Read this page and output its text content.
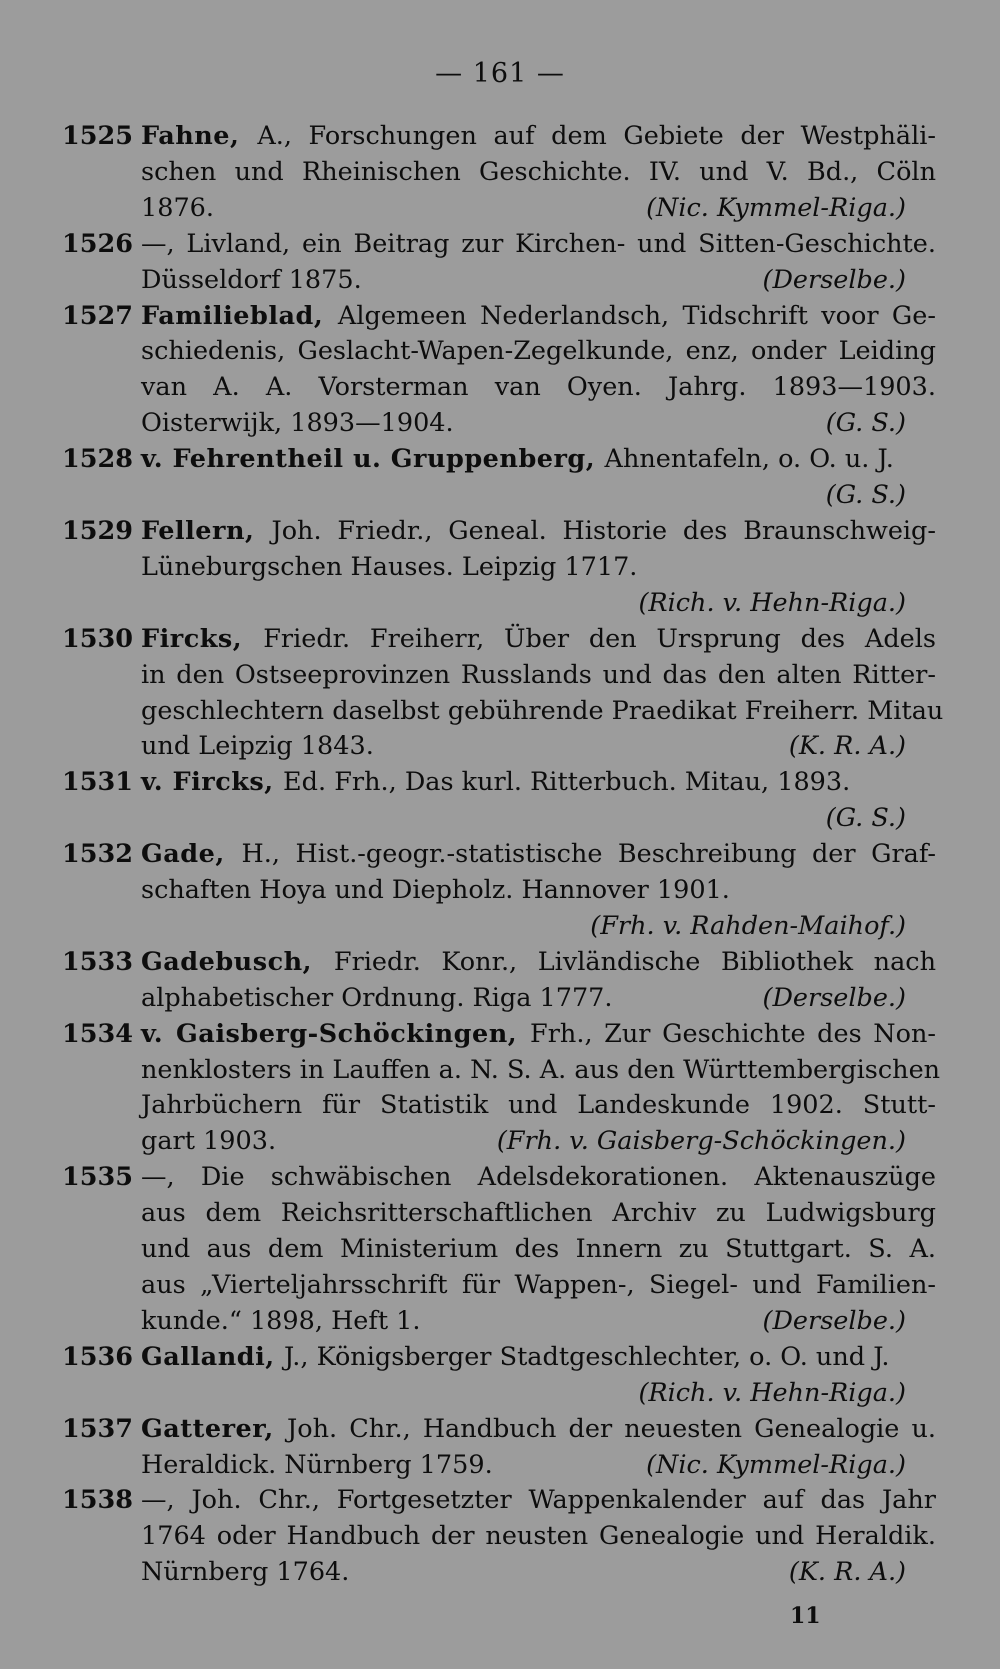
— 161 —
1525 Fahne, A., Forschungen auf dem Gebiete der Westphäli-
schen und Rheinischen Geschichte. IV. und V. Bd., Cöln
1876.	(Nic. Kymmel-Riga.)
1526 —, Livland, ein Beitrag zur Kirchen- und Sitten-Geschichte.
Düsseldorf 1875.	(Derselbe.)
1527 Familieblad, Algemeen Nederlandsch, Tidschrift voor Ge-
schiedenis, Geslacht-Wapen-Zegelkunde, enz, onder Leiding
van A. A. Vorsterman van Oyen. Jahrg. 1893—1903.
Oisterwijk, 1893—1904.	(G. S.)
1528 v. Fehrentheil u. Gruppenberg, Ahnentafeln, o. O. u. J.
(G. S.)
1529 Fellern, Joh. Friedr., Geneal. Historie des Braunschweig-
Lüneburgschen Hauses. Leipzig 1717.
(Rich. v. Hehn-Riga.)
1530 Fircks, Friedr. Freiherr, Über den Ursprung des Adels
in den Ostseeprovinzen Russlands und das den alten Ritter-
geschlechtern daselbst gebührende Praedikat Freiherr. Mitau
und Leipzig 1843.	(K. R. A.)
1531 v. Fircks, Ed. Frh., Das kurl. Ritterbuch. Mitau, 1893.
(G. S.)
1532 Gade, H., Hist.-geogr.-statistische Beschreibung der Graf-
schaften Hoya und Diepholz. Hannover 1901.
(Frh. v. Rahden-Maihof.)
1533 Gadebusch, Friedr. Konr., Livländische Bibliothek nach
alphabetischer Ordnung. Riga 1777.	(Derselbe.)
1534 v. Gaisberg-Schöckingen, Frh., Zur Geschichte des Non-
nenklosters in Lauffen a. N. S. A. aus den Württembergischen
Jahrbüchern für Statistik und Landeskunde 1902. Stutt-
gart 1903.	(Frh. v. Gaisberg-Schöckingen.)
1535 —, Die schwäbischen Adelsdekorationen. Aktenauszüge
aus dem Reichsritterschaftlichen Archiv zu Ludwigsburg
und aus dem Ministerium des Innern zu Stuttgart. S. A.
aus „Vierteljahrsschrift für Wappen-, Siegel- und Familien-
kunde.“ 1898, Heft 1.	(Derselbe.)
1536 Gallandi, J., Königsberger Stadtgeschlechter, o. O. und J.
(Rich. v. Hehn-Riga.)
1537 Gatterer, Joh. Chr., Handbuch der neuesten Genealogie u.
Heraldick. Nürnberg 1759.	(Nic. Kymmel-Riga.)
1538 —, Joh. Chr., Fortgesetzter Wappenkalender auf das Jahr
1764 oder Handbuch der neusten Genealogie und Heraldik.
Nürnberg 1764.	(K. R. A.)
11
